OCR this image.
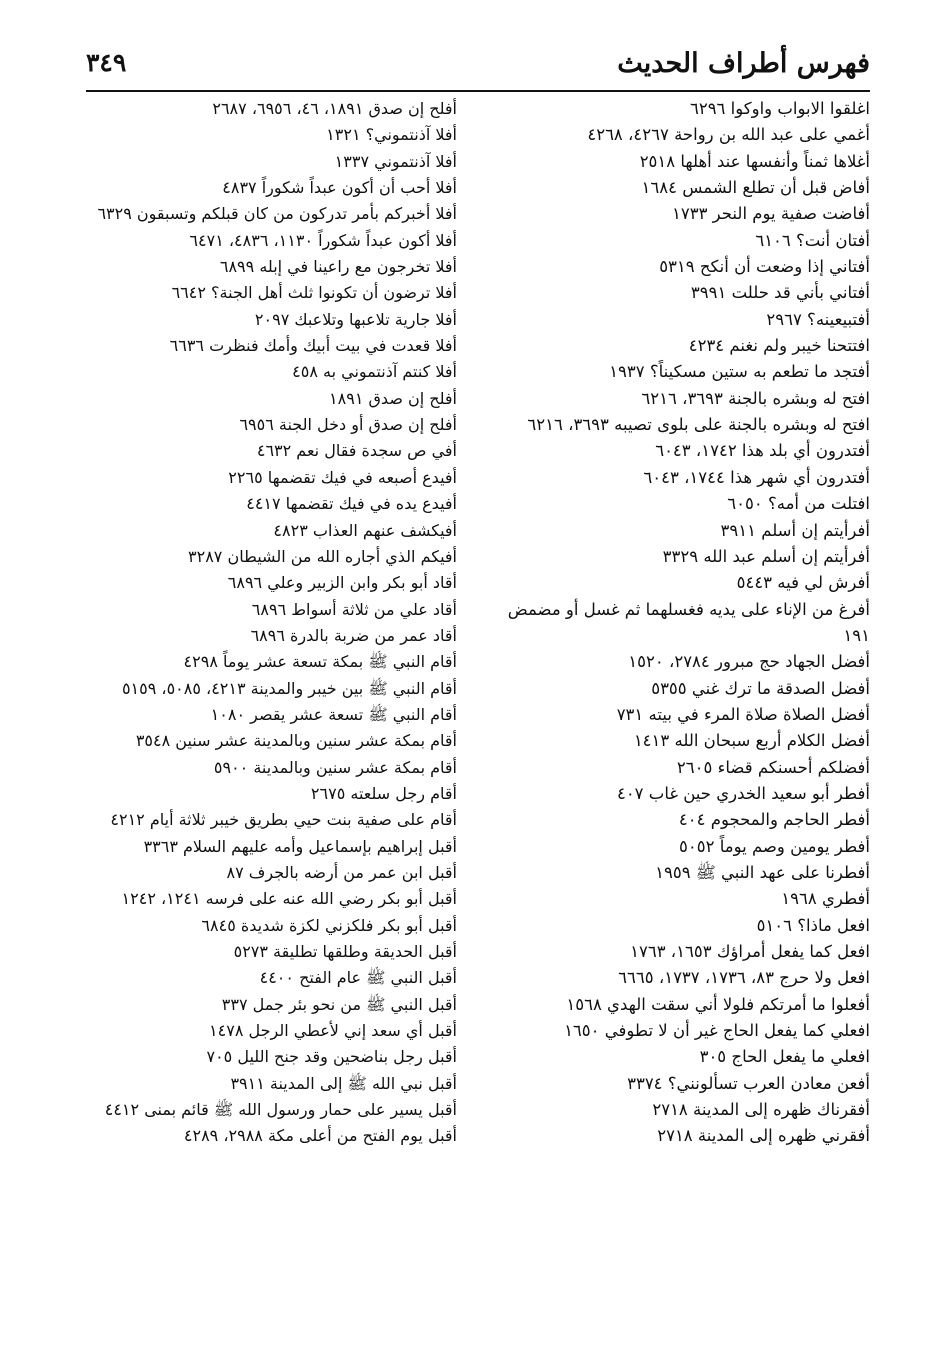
فهرس أطراف الحديث
٣٤٩
اغلقوا الابواب واوكوا ٦٢٩٦
أغمي على عبد الله بن رواحة ٤٢٦٧، ٤٢٦٨
أغلاها ثمناً وأنفسها عند أهلها ٢٥١٨
أفاض قبل أن تطلع الشمس ١٦٨٤
أفاضت صفية يوم النحر ١٧٣٣
أفتان أنت؟ ٦١٠٦
أفتاني إذا وضعت أن أنكح ٥٣١٩
أفتاني بأني قد حللت ٣٩٩١
أفتبيعينه؟ ٢٩٦٧
افتتحنا خيبر ولم نغنم ٤٢٣٤
أفتجد ما تطعم به ستين مسكيناً؟ ١٩٣٧
افتح له وبشره بالجنة ٣٦٩٣، ٦٢١٦
افتح له وبشره بالجنة على بلوى تصيبه ٣٦٩٣، ٦٢١٦
أفتدرون أي بلد هذا ١٧٤٢، ٦٠٤٣
أفتدرون أي شهر هذا ١٧٤٤، ٦٠٤٣
افتلت من أمه؟ ٦٠٥٠
أفرأيتم إن أسلم ٣٩١١
أفرأيتم إن أسلم عبد الله ٣٣٢٩
أفرش لي فيه ٥٤٤٣
أفرغ من الإناء على يديه فغسلهما ثم غسل أو مضمض
١٩١
أفضل الجهاد حج مبرور ٢٧٨٤، ١٥٢٠
أفضل الصدقة ما ترك غني ٥٣٥٥
أفضل الصلاة صلاة المرء في بيته ٧٣١
أفضل الكلام أربع سبحان الله ١٤١٣
أفضلكم أحسنكم قضاء ٢٦٠٥
أفطر أبو سعيد الخدري حين غاب ٤٠٧
أفطر الحاجم والمحجوم ٤٠٤
أفطر يومين وصم يوماً ٥٠٥٢
أفطرنا على عهد النبي ﷺ ١٩٥٩
أفطري ١٩٦٨
افعل ماذا؟ ٥١٠٦
افعل كما يفعل أمراؤك ١٦٥٣، ١٧٦٣
افعل ولا حرج ٨٣، ١٧٣٦، ١٧٣٧، ٦٦٦٥
أفعلوا ما أمرتكم فلولا أني سقت الهدي ١٥٦٨
افعلي كما يفعل الحاج غير أن لا تطوفي ١٦٥٠
افعلي ما يفعل الحاج ٣٠٥
أفعن معادن العرب تسألونني؟ ٣٣٧٤
أفقرناك ظهره إلى المدينة ٢٧١٨
أفقرني ظهره إلى المدينة ٢٧١٨
أفلح إن صدق ١٨٩١، ٤٦، ٦٩٥٦، ٢٦٨٧
أفلا آذنتموني؟ ١٣٢١
أفلا آذنتموني ١٣٣٧
أفلا أحب أن أكون عبداً شكوراً ٤٨٣٧
أفلا أخبركم بأمر تدركون من كان قبلكم وتسبقون ٦٣٢٩
أفلا أكون عبداً شكوراً ١١٣٠، ٤٨٣٦، ٦٤٧١
أفلا تخرجون مع راعينا في إبله ٦٨٩٩
أفلا ترضون أن تكونوا ثلث أهل الجنة؟ ٦٦٤٢
أفلا جارية تلاعبها وتلاعبك ٢٠٩٧
أفلا قعدت في بيت أبيك وأمك فنظرت ٦٦٣٦
أفلا كنتم آذنتموني به ٤٥٨
أفلح إن صدق ١٨٩١
أفلح إن صدق أو دخل الجنة ٦٩٥٦
أفي ص سجدة فقال نعم ٤٦٣٢
أفيدع أصبعه في فيك تقضمها ٢٢٦٥
أفيدع يده في فيك تقضمها ٤٤١٧
أفيكشف عنهم العذاب ٤٨٢٣
أفيكم الذي أجاره الله من الشيطان ٣٢٨٧
أقاد أبو بكر وابن الزبير وعلي ٦٨٩٦
أقاد علي من ثلاثة أسواط ٦٨٩٦
أقاد عمر من ضربة بالدرة ٦٨٩٦
أقام النبي ﷺ بمكة تسعة عشر يوماً ٤٢٩٨
أقام النبي ﷺ بين خيبر والمدينة ٤٢١٣، ٥٠٨٥، ٥١٥٩
أقام النبي ﷺ تسعة عشر يقصر ١٠٨٠
أقام بمكة عشر سنين وبالمدينة عشر سنين ٣٥٤٨
أقام بمكة عشر سنين وبالمدينة ٥٩٠٠
أقام رجل سلعته ٢٦٧٥
أقام على صفية بنت حيي بطريق خيبر ثلاثة أيام ٤٢١٢
أقبل إبراهيم بإسماعيل وأمه عليهم السلام ٣٣٦٣
أقبل ابن عمر من أرضه بالجرف ٨٧
أقبل أبو بكر رضي الله عنه على فرسه ١٢٤١، ١٢٤٢
أقبل أبو بكر فلكزني لكزة شديدة ٦٨٤٥
أقبل الحديقة وطلقها تطليقة ٥٢٧٣
أقبل النبي ﷺ عام الفتح ٤٤٠٠
أقبل النبي ﷺ من نحو بئر جمل ٣٣٧
أقبل أي سعد إني لأعطي الرجل ١٤٧٨
أقبل رجل بناضحين وقد جنح الليل ٧٠٥
أقبل نبي الله ﷺ إلى المدينة ٣٩١١
أقبل يسير على حمار ورسول الله ﷺ قائم بمنى ٤٤١٢
أقبل يوم الفتح من أعلى مكة ٢٩٨٨، ٤٢٨٩
